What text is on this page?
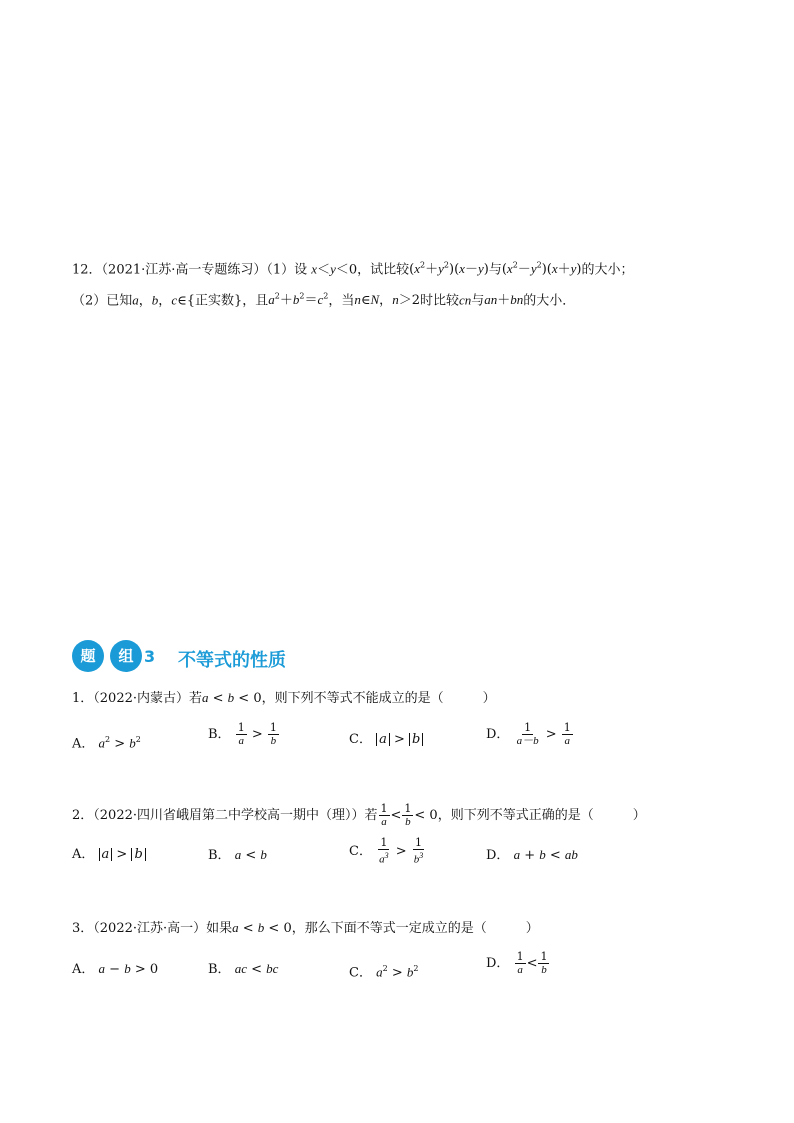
12．（2021·江苏·高一专题练习）（1）设 x＜y＜0，试比较$(x^2+y^2)(x-y)$与$(x^2-y^2)(x+y)$的大小；
（2）已知a，b，c∈{正实数}，且$a^2+b^2=c^2$，当n∈N，n＞2时比较cn与an＋bn的大小．
题	组 3 不等式的性质
1．（2022·内蒙古）若a < b < 0，则下列不等式不能成立的是（　　　）
A． $a^2 > b^2$	B． $\frac{1}{a} > \frac{1}{b}$	C． a > b	D． $\frac{1}{a-b} > \frac{1}{a}$
2．（2022·四川省峨眉第二中学校高一期中（理））若 $\frac{1}{a} < \frac{1}{b} < 0$，则下列不等式正确的是（　　　）
A． a > b	B． a < b	C． $\frac{1}{a^3} > \frac{1}{b^3}$	D． a + b < ab
3．（2022·江苏·高一）如果a < b < 0，那么下面不等式一定成立的是（　　　）
A． a − b > 0	B． ac < bc	C． $a^2 > b^2$	D． $\frac{1}{a} < \frac{1}{b}$
